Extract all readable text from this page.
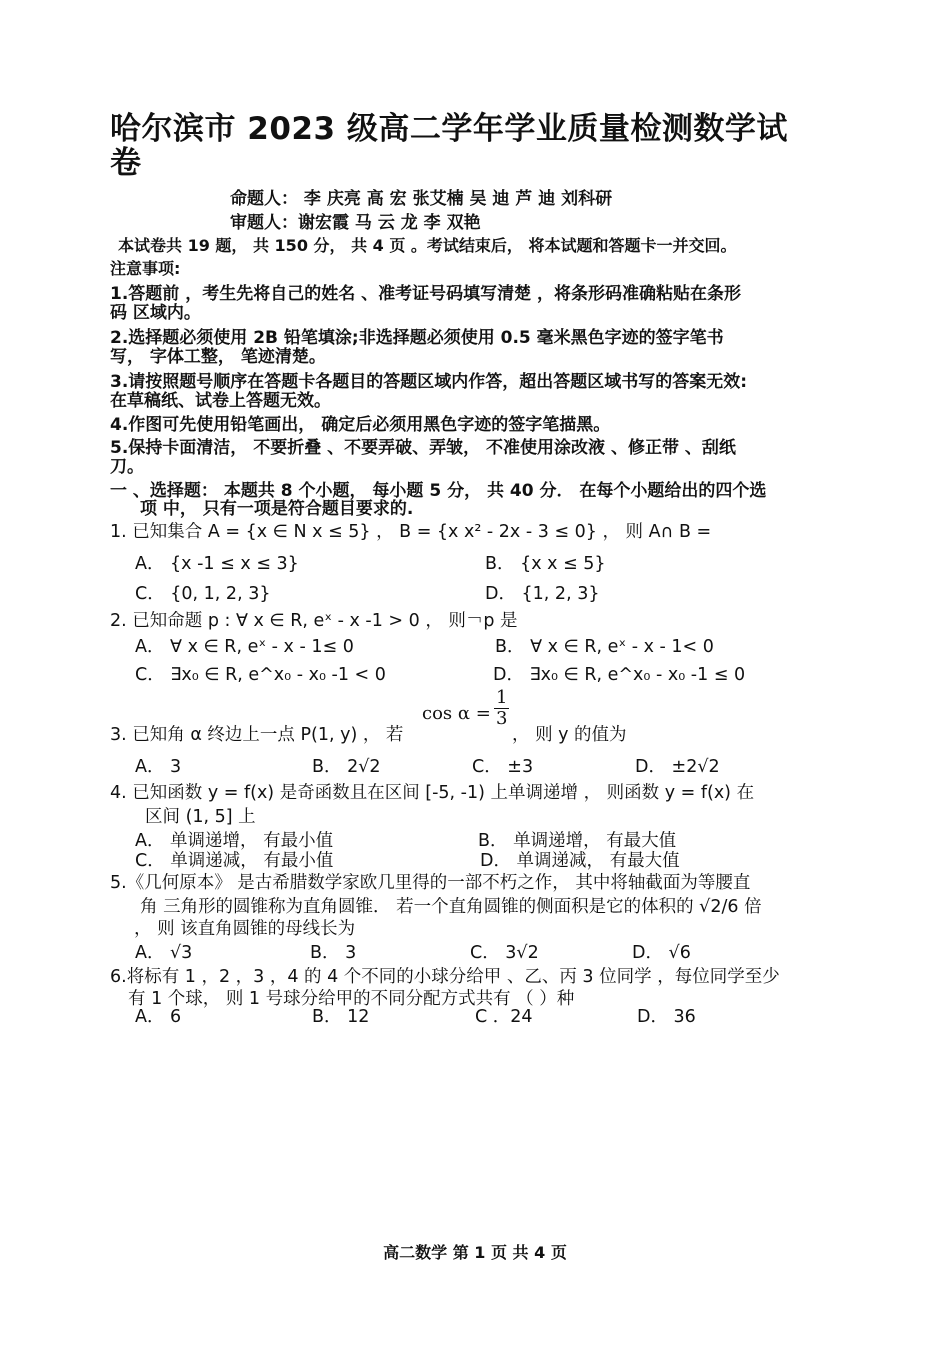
哈尔滨市 2023 级高二学年学业质量检测数学试
卷
命题人： 李 庆亮 高 宏 张艾楠 吴 迪 芦 迪 刘科研
审题人：谢宏霞 马 云 龙 李 双艳
本试卷共 19 题， 共 150 分， 共 4 页 。考试结束后， 将本试题和答题卡一并交回。
注意事项:
1.答题前 ，考生先将自己的姓名 、准考证号码填写清楚 ，将条形码准确粘贴在条形
码 区域内。
2.选择题必须使用 2B 铅笔填涂;非选择题必须使用 0.5 毫米黑色字迹的签字笔书
写， 字体工整， 笔迹清楚。
3.请按照题号顺序在答题卡各题目的答题区域内作答，超出答题区域书写的答案无效:
在草稿纸、试卷上答题无效。
4.作图可先使用铅笔画出， 确定后必须用黑色字迹的签字笔描黑。
5.保持卡面清洁， 不要折叠 、不要弄破、弄皱， 不准使用涂改液 、修正带 、刮纸
刀。
一 、选择题： 本题共 8 个小题， 每小题 5 分， 共 40 分． 在每个小题给出的四个选
项 中， 只有一项是符合题目要求的.
1. 已知集合 A = {x ∈ N x ≤ 5} ， B = {x x² - 2x - 3 ≤ 0} ， 则 A∩ B =
A． {x -1 ≤ x ≤ 3}	B． {x x ≤ 5}
C． {0, 1, 2, 3}	D． {1, 2, 3}
2. 已知命题 p : ∀ x ∈ R, eˣ - x -1 > 0 ， 则￢p 是
A． ∀ x ∈ R, eˣ - x - 1≤ 0	B． ∀ x ∈ R, eˣ - x - 1< 0
C． ∃x₀ ∈ R, e^x₀ - x₀ -1 < 0	D． ∃x₀ ∈ R, e^x₀ - x₀ -1 ≤ 0
3. 已知角 α 终边上一点 P(1, y) ， 若
$\cos \alpha = \frac{1}{3}$
， 则 y 的值为
A． 3	B． 2√2	C． ±3	D． ±2√2
4. 已知函数 y = f(x) 是奇函数且在区间 [-5, -1) 上单调递增 ， 则函数 y = f(x) 在
区间 (1, 5] 上
A． 单调递增， 有最小值	B． 单调递增， 有最大值
C． 单调递减， 有最小值	D． 单调递减， 有最大值
5.《几何原本》 是古希腊数学家欧几里得的一部不朽之作， 其中将轴截面为等腰直
角 三角形的圆锥称为直角圆锥． 若一个直角圆锥的侧面积是它的体积的 √2/6 倍
， 则 该直角圆锥的母线长为
A． √3	B． 3	C． 3√2	D． √6
6.将标有 1 ，2 ，3 ，4 的 4 个不同的小球分给甲 、乙、丙 3 位同学 ，每位同学至少
有 1 个球， 则 1 号球分给甲的不同分配方式共有 （ ）种
A． 6	B． 12	C ．24	D． 36
高二数学 第 1 页 共 4 页
